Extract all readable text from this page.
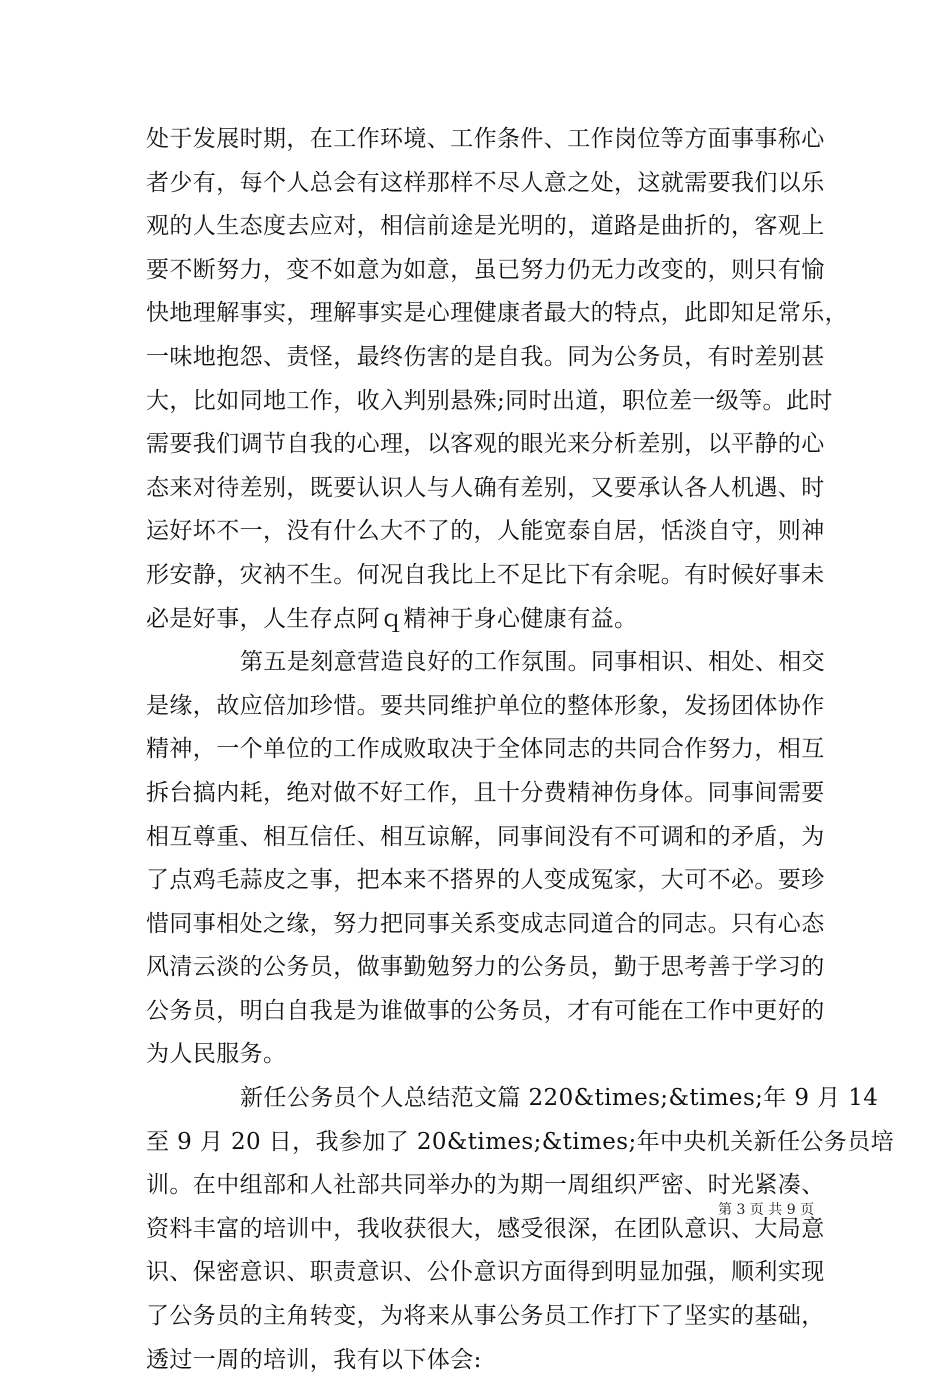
处于发展时期，在工作环境、工作条件、工作岗位等方面事事称心
者少有，每个人总会有这样那样不尽人意之处，这就需要我们以乐
观的人生态度去应对，相信前途是光明的，道路是曲折的，客观上
要不断努力，变不如意为如意，虽已努力仍无力改变的，则只有愉
快地理解事实，理解事实是心理健康者最大的特点，此即知足常乐，
一味地抱怨、责怪，最终伤害的是自我。同为公务员，有时差别甚
大，比如同地工作，收入判别悬殊;同时出道，职位差一级等。此时
需要我们调节自我的心理，以客观的眼光来分析差别，以平静的心
态来对待差别，既要认识人与人确有差别，又要承认各人机遇、时
运好坏不一，没有什么大不了的，人能宽泰自居，恬淡自守，则神
形安静，灾衲不生。何况自我比上不足比下有余呢。有时候好事未
必是好事，人生存点阿ｑ精神于身心健康有益。
第五是刻意营造良好的工作氛围。同事相识、相处、相交
是缘，故应倍加珍惜。要共同维护单位的整体形象，发扬团体协作
精神，一个单位的工作成败取决于全体同志的共同合作努力，相互
拆台搞内耗，绝对做不好工作，且十分费精神伤身体。同事间需要
相互尊重、相互信任、相互谅解，同事间没有不可调和的矛盾，为
了点鸡毛蒜皮之事，把本来不搭界的人变成冤家，大可不必。要珍
惜同事相处之缘，努力把同事关系变成志同道合的同志。只有心态
风清云淡的公务员，做事勤勉努力的公务员，勤于思考善于学习的
公务员，明白自我是为谁做事的公务员，才有可能在工作中更好的
为人民服务。
新任公务员个人总结范文篇 220&times;&times;年 9 月 14
至 9 月 20 日，我参加了 20&times;&times;年中央机关新任公务员培
训。在中组部和人社部共同举办的为期一周组织严密、时光紧凑、
资料丰富的培训中，我收获很大，感受很深，在团队意识、大局意
识、保密意识、职责意识、公仆意识方面得到明显加强，顺利实现
了公务员的主角转变，为将来从事公务员工作打下了坚实的基础，
透过一周的培训，我有以下体会:
第 3 页 共 9 页
